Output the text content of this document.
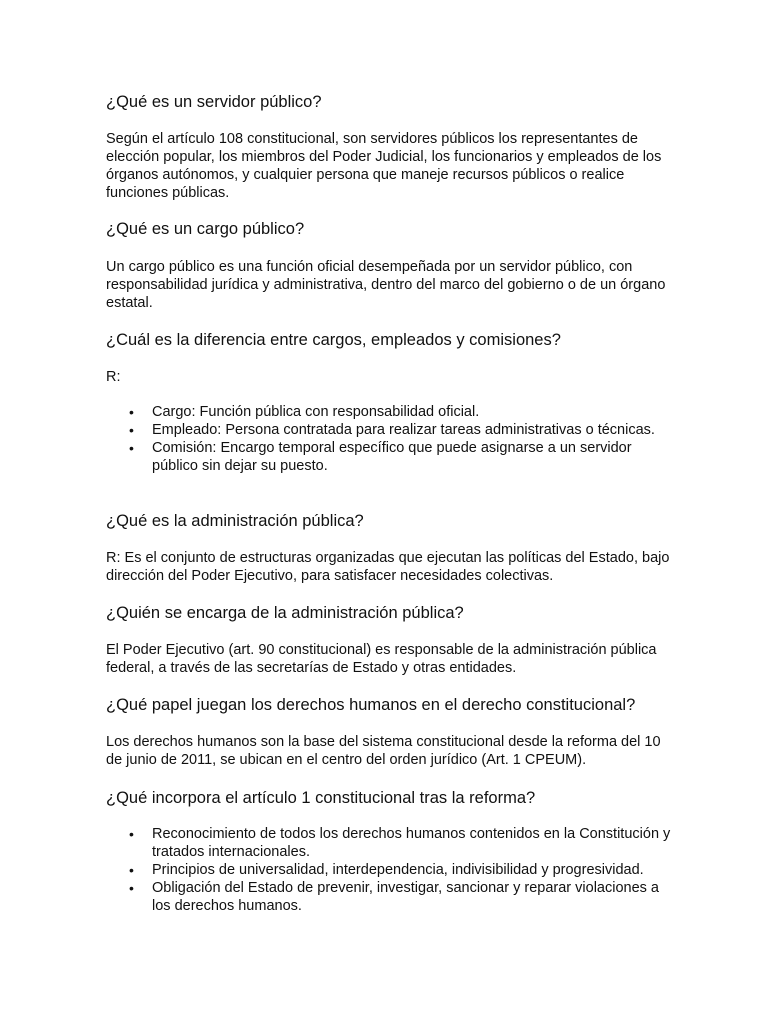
¿Qué es un servidor público?

Según el artículo 108 constitucional, son servidores públicos los representantes de elección popular, los miembros del Poder Judicial, los funcionarios y empleados de los órganos autónomos, y cualquier persona que maneje recursos públicos o realice funciones públicas.

¿Qué es un cargo público?

Un cargo público es una función oficial desempeñada por un servidor público, con responsabilidad jurídica y administrativa, dentro del marco del gobierno o de un órgano estatal.

¿Cuál es la diferencia entre cargos, empleados y comisiones?

R:

• Cargo: Función pública con responsabilidad oficial.
• Empleado: Persona contratada para realizar tareas administrativas o técnicas.
• Comisión: Encargo temporal específico que puede asignarse a un servidor público sin dejar su puesto.
¿Qué es la administración pública?

R: Es el conjunto de estructuras organizadas que ejecutan las políticas del Estado, bajo dirección del Poder Ejecutivo, para satisfacer necesidades colectivas.

¿Quién se encarga de la administración pública?

El Poder Ejecutivo (art. 90 constitucional) es responsable de la administración pública federal, a través de las secretarías de Estado y otras entidades.

¿Qué papel juegan los derechos humanos en el derecho constitucional?

Los derechos humanos son la base del sistema constitucional desde la reforma del 10 de junio de 2011, se ubican en el centro del orden jurídico (Art. 1 CPEUM).

¿Qué incorpora el artículo 1 constitucional tras la reforma?
• Reconocimiento de todos los derechos humanos contenidos en la Constitución y tratados internacionales.
• Principios de universalidad, interdependencia, indivisibilidad y progresividad.
• Obligación del Estado de prevenir, investigar, sancionar y reparar violaciones a los derechos humanos.
